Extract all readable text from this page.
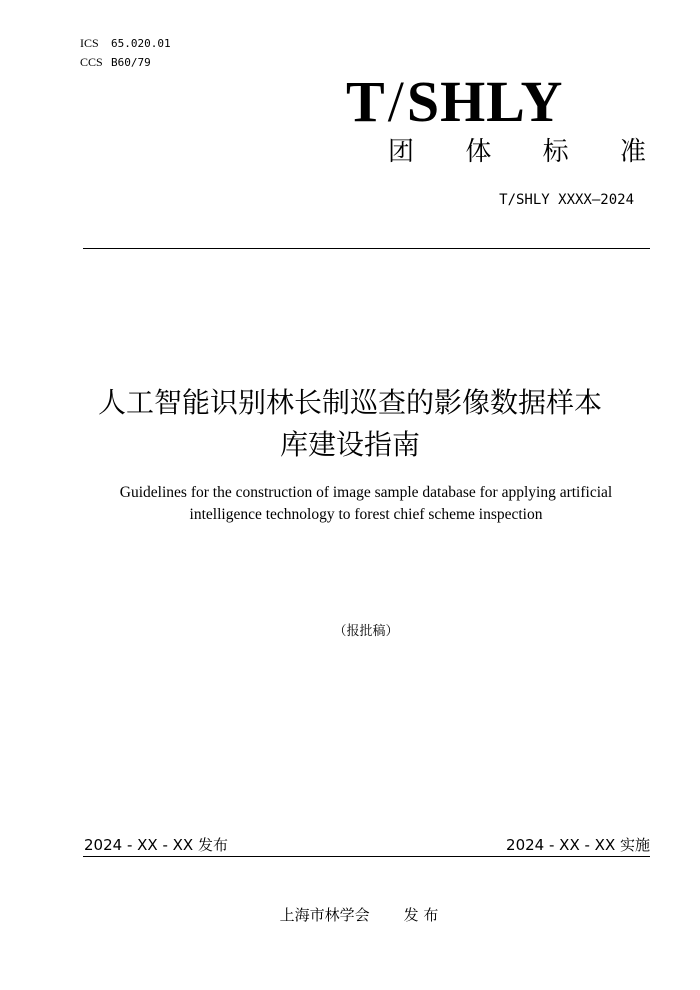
ICS 65.020.01
CCS B60/79
T/SHLY
团 体 标 准
T/SHLY XXXX—2024
人工智能识别林长制巡查的影像数据样本
库建设指南
Guidelines for the construction of image sample database for applying artificial
intelligence technology to forest chief scheme inspection
（报批稿）
2024 - XX - XX 发布	2024 - XX - XX 实施
上海市林学会 发 布
